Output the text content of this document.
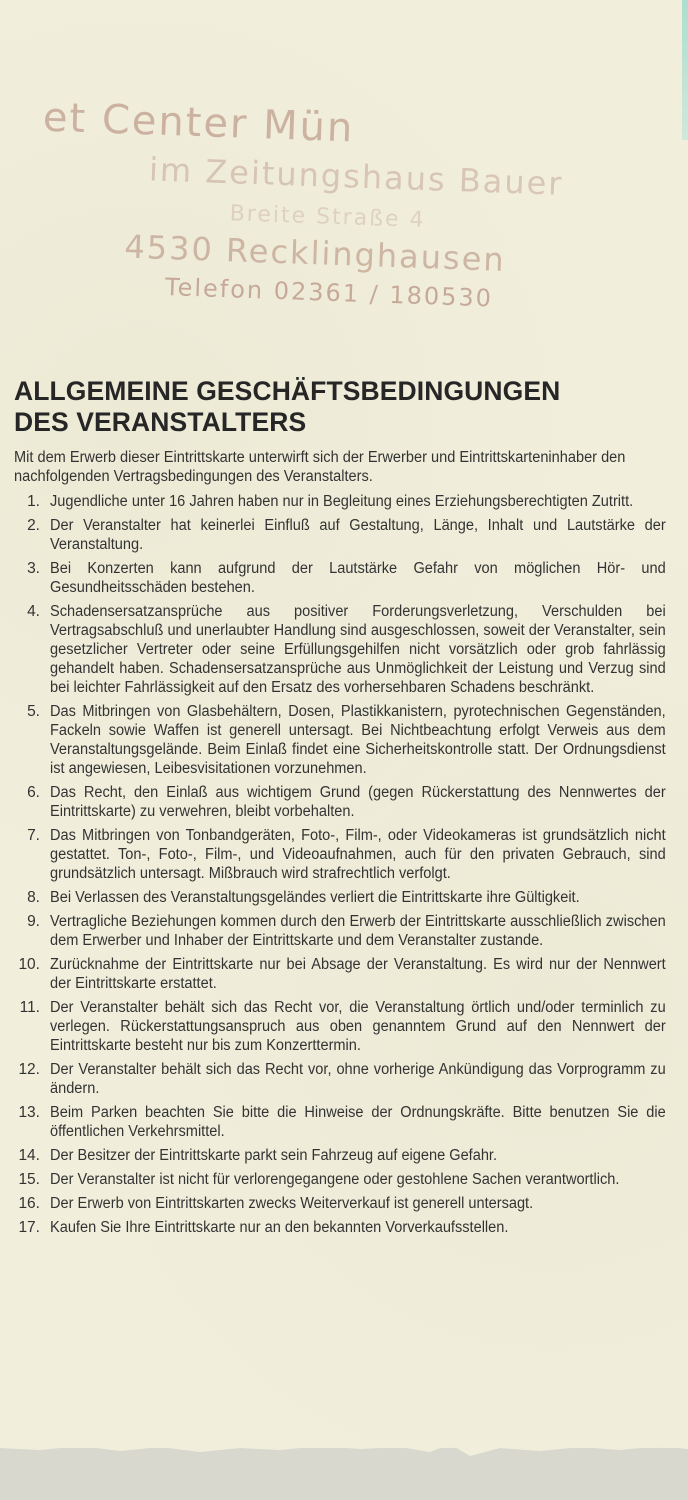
et Center Mün
im Zeitungshaus Bauer
Breite Straße 4
4530 Recklinghausen
Telefon 02361 / 180530
ALLGEMEINE GESCHÄFTSBEDINGUNGEN
DES VERANSTALTERS

Mit dem Erwerb dieser Eintrittskarte unterwirft sich der Erwerber und Eintrittskarteninhaber den nachfolgenden Vertragsbedingungen des Veranstalters.

1. Jugendliche unter 16 Jahren haben nur in Begleitung eines Erziehungsberechtigten Zutritt.
2. Der Veranstalter hat keinerlei Einfluß auf Gestaltung, Länge, Inhalt und Lautstärke der Veranstaltung.
3. Bei Konzerten kann aufgrund der Lautstärke Gefahr von möglichen Hör- und Gesundheitsschäden bestehen.
4. Schadensersatzansprüche aus positiver Forderungsverletzung, Verschulden bei Vertragsabschluß und unerlaubter Handlung sind ausgeschlossen, soweit der Veranstalter, sein gesetzlicher Vertreter oder seine Erfüllungsgehilfen nicht vorsätzlich oder grob fahrlässig gehandelt haben. Schadensersatzansprüche aus Unmöglichkeit der Leistung und Verzug sind bei leichter Fahrlässigkeit auf den Ersatz des vorhersehbaren Schadens beschränkt.
5. Das Mitbringen von Glasbehältern, Dosen, Plastikkanistern, pyrotechnischen Gegenständen, Fackeln sowie Waffen ist generell untersagt. Bei Nichtbeachtung erfolgt Verweis aus dem Veranstaltungsgelände. Beim Einlaß findet eine Sicherheitskontrolle statt. Der Ordnungsdienst ist angewiesen, Leibesvisitationen vorzunehmen.
6. Das Recht, den Einlaß aus wichtigem Grund (gegen Rückerstattung des Nennwertes der Eintrittskarte) zu verwehren, bleibt vorbehalten.
7. Das Mitbringen von Tonbandgeräten, Foto-, Film-, oder Videokameras ist grundsätzlich nicht gestattet. Ton-, Foto-, Film-, und Videoaufnahmen, auch für den privaten Gebrauch, sind grundsätzlich untersagt. Mißbrauch wird strafrechtlich verfolgt.
8. Bei Verlassen des Veranstaltungsgeländes verliert die Eintrittskarte ihre Gültigkeit.
9. Vertragliche Beziehungen kommen durch den Erwerb der Eintrittskarte ausschließlich zwischen dem Erwerber und Inhaber der Eintrittskarte und dem Veranstalter zustande.
10. Zurücknahme der Eintrittskarte nur bei Absage der Veranstaltung. Es wird nur der Nennwert der Eintrittskarte erstattet.
11. Der Veranstalter behält sich das Recht vor, die Veranstaltung örtlich und/oder terminlich zu verlegen. Rückerstattungsanspruch aus oben genanntem Grund auf den Nennwert der Eintrittskarte besteht nur bis zum Konzerttermin.
12. Der Veranstalter behält sich das Recht vor, ohne vorherige Ankündigung das Vorprogramm zu ändern.
13. Beim Parken beachten Sie bitte die Hinweise der Ordnungskräfte. Bitte benutzen Sie die öffentlichen Verkehrsmittel.
14. Der Besitzer der Eintrittskarte parkt sein Fahrzeug auf eigene Gefahr.
15. Der Veranstalter ist nicht für verlorengegangene oder gestohlene Sachen verantwortlich.
16. Der Erwerb von Eintrittskarten zwecks Weiterverkauf ist generell untersagt.
17. Kaufen Sie Ihre Eintrittskarte nur an den bekannten Vorverkaufsstellen.
